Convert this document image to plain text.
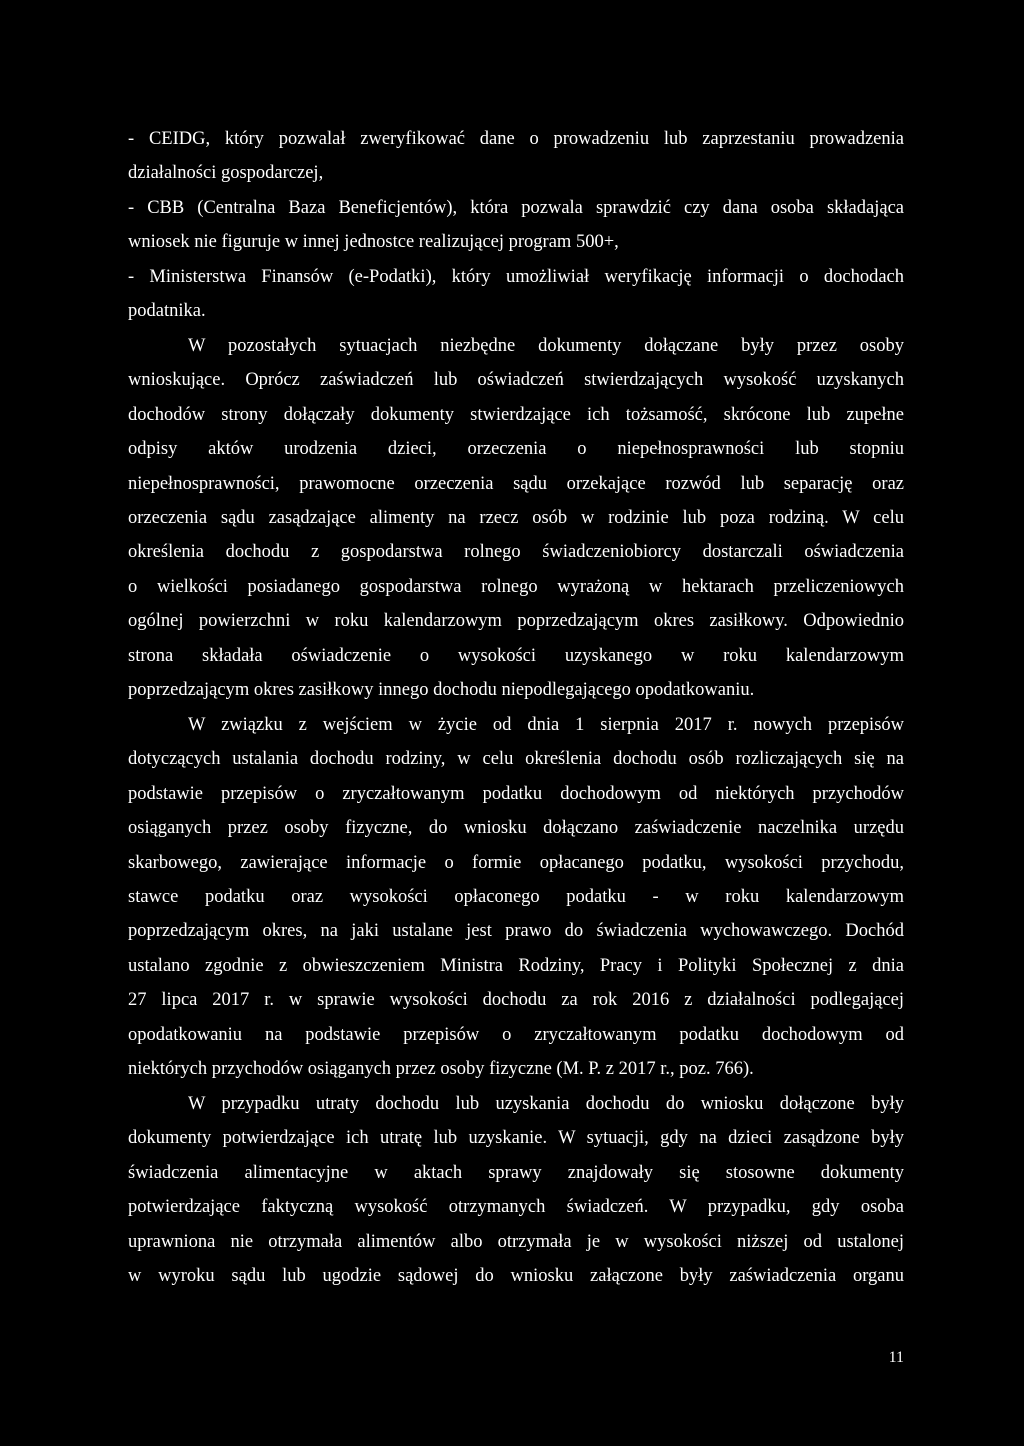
- CEIDG, który pozwalał zweryfikować dane o prowadzeniu lub zaprzestaniu prowadzenia
działalności gospodarczej,
- CBB (Centralna Baza Beneficjentów), która pozwala sprawdzić czy dana osoba składająca
wniosek nie figuruje w innej jednostce realizującej program 500+,
- Ministerstwa Finansów (e-Podatki), który umożliwiał weryfikację informacji o dochodach
podatnika.
W pozostałych sytuacjach niezbędne dokumenty dołączane były przez osoby
wnioskujące. Oprócz zaświadczeń lub oświadczeń stwierdzających wysokość uzyskanych
dochodów strony dołączały dokumenty stwierdzające ich tożsamość, skrócone lub zupełne
odpisy aktów urodzenia dzieci, orzeczenia o niepełnosprawności lub stopniu
niepełnosprawności, prawomocne orzeczenia sądu orzekające rozwód lub separację oraz
orzeczenia sądu zasądzające alimenty na rzecz osób w rodzinie lub poza rodziną. W celu
określenia dochodu z gospodarstwa rolnego świadczeniobiorcy dostarczali oświadczenia
o wielkości posiadanego gospodarstwa rolnego wyrażoną w hektarach przeliczeniowych
ogólnej powierzchni w roku kalendarzowym poprzedzającym okres zasiłkowy. Odpowiednio
strona składała oświadczenie o wysokości uzyskanego w roku kalendarzowym
poprzedzającym okres zasiłkowy innego dochodu niepodlegającego opodatkowaniu.
W związku z wejściem w życie od dnia 1 sierpnia 2017 r. nowych przepisów
dotyczących ustalania dochodu rodziny, w celu określenia dochodu osób rozliczających się na
podstawie przepisów o zryczałtowanym podatku dochodowym od niektórych przychodów
osiąganych przez osoby fizyczne, do wniosku dołączano zaświadczenie naczelnika urzędu
skarbowego, zawierające informacje o formie opłacanego podatku, wysokości przychodu,
stawce podatku oraz wysokości opłaconego podatku - w roku kalendarzowym
poprzedzającym okres, na jaki ustalane jest prawo do świadczenia wychowawczego. Dochód
ustalano zgodnie z obwieszczeniem Ministra Rodziny, Pracy i Polityki Społecznej z dnia
27 lipca 2017 r. w sprawie wysokości dochodu za rok 2016 z działalności podlegającej
opodatkowaniu na podstawie przepisów o zryczałtowanym podatku dochodowym od
niektórych przychodów osiąganych przez osoby fizyczne (M. P. z 2017 r., poz. 766).
W przypadku utraty dochodu lub uzyskania dochodu do wniosku dołączone były
dokumenty potwierdzające ich utratę lub uzyskanie. W sytuacji, gdy na dzieci zasądzone były
świadczenia alimentacyjne w aktach sprawy znajdowały się stosowne dokumenty
potwierdzające faktyczną wysokość otrzymanych świadczeń. W przypadku, gdy osoba
uprawniona nie otrzymała alimentów albo otrzymała je w wysokości niższej od ustalonej
w wyroku sądu lub ugodzie sądowej do wniosku załączone były zaświadczenia organu
11
